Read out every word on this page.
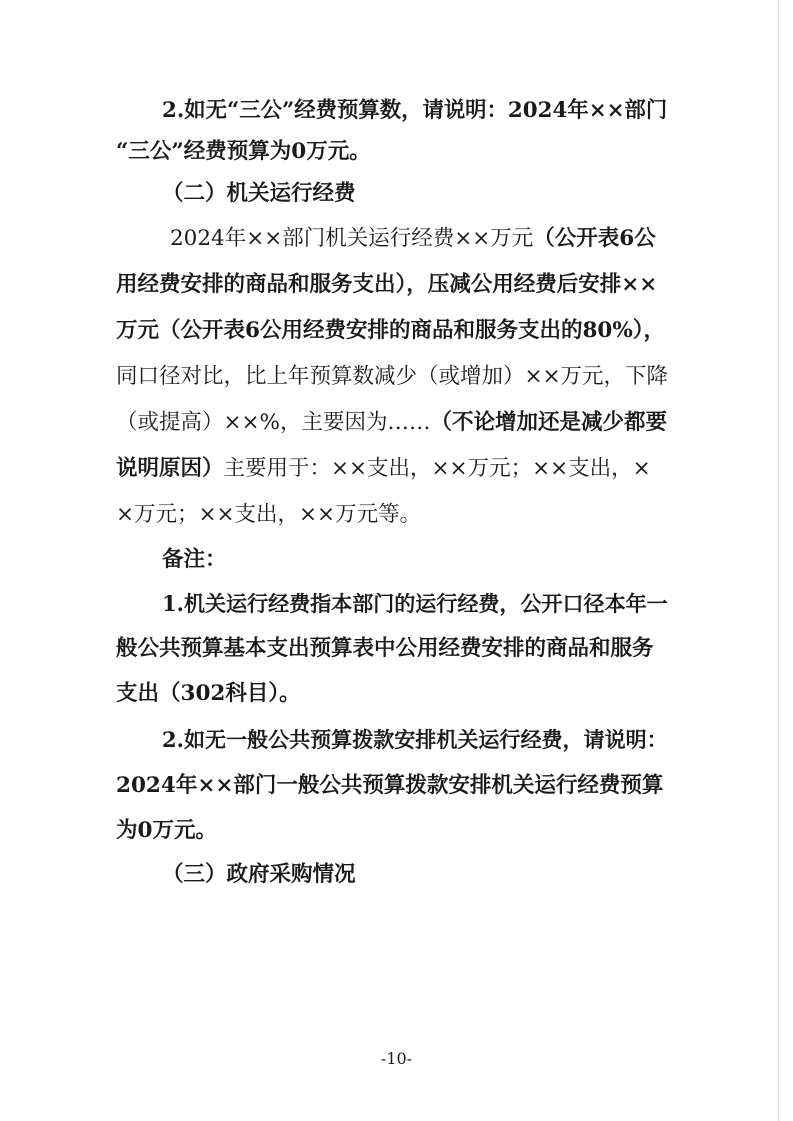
2.如无“三公”经费预算数，请说明：2024年××部门
“三公”经费预算为0万元。
（二）机关运行经费
2024年××部门机关运行经费××万元（公开表6公
用经费安排的商品和服务支出），压减公用经费后安排××
万元（公开表6公用经费安排的商品和服务支出的80%），
同口径对比，比上年预算数减少（或增加）××万元，下降
（或提高）××%，主要因为……（不论增加还是减少都要
说明原因）主要用于：××支出，××万元；××支出，×
×万元；××支出，××万元等。
备注：
1.机关运行经费指本部门的运行经费，公开口径本年一
般公共预算基本支出预算表中公用经费安排的商品和服务
支出（302科目）。
2.如无一般公共预算拨款安排机关运行经费，请说明：
2024年××部门一般公共预算拨款安排机关运行经费预算
为0万元。
（三）政府采购情况
-10-
